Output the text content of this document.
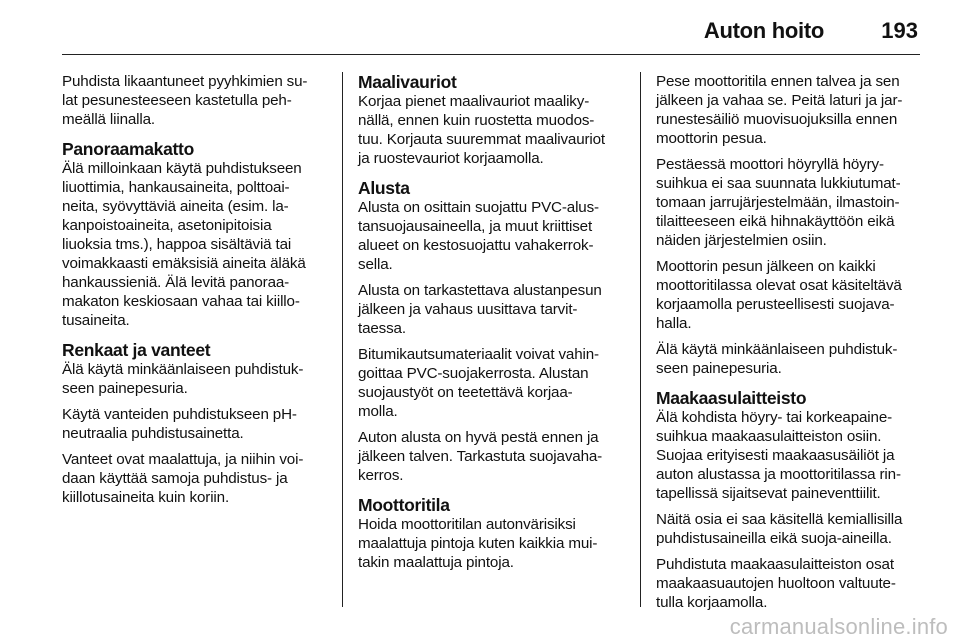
Auton hoito	193

Puhdista likaantuneet pyyhkimien su-
lat pesunesteeseen kastetulla peh-
meällä liinalla.

Panoraamakatto

Älä milloinkaan käytä puhdistukseen
liuottimia, hankausaineita, polttoai-
neita, syövyttäviä aineita (esim. la-
kanpoistoaineita, asetonipitoisia
liuoksia tms.), happoa sisältäviä tai
voimakkaasti emäksisiä aineita äläkä
hankaussieniä. Älä levitä panoraa-
makaton keskiosaan vahaa tai kiillo-
tusaineita.

Renkaat ja vanteet

Älä käytä minkäänlaiseen puhdistuk-
seen painepesuria.

Käytä vanteiden puhdistukseen pH-
neutraalia puhdistusainetta.

Vanteet ovat maalattuja, ja niihin voi-
daan käyttää samoja puhdistus- ja
kiillotusaineita kuin koriin.

Maalivauriot

Korjaa pienet maalivauriot maaliky-
nällä, ennen kuin ruostetta muodos-
tuu. Korjauta suuremmat maalivauriot
ja ruostevauriot korjaamolla.

Alusta

Alusta on osittain suojattu PVC-alus-
tansuojausaineella, ja muut kriittiset
alueet on kestosuojattu vahakerrok-
sella.

Alusta on tarkastettava alustanpesun
jälkeen ja vahaus uusittava tarvit-
taessa.

Bitumikautsumateriaalit voivat vahin-
goittaa PVC-suojakerrosta. Alustan
suojaustyöt on teetettävä korjaa-
molla.

Auton alusta on hyvä pestä ennen ja
jälkeen talven. Tarkastuta suojavaha-
kerros.

Moottoritila

Hoida moottoritilan autonvärisiksi
maalattuja pintoja kuten kaikkia mui-
takin maalattuja pintoja.

Pese moottoritila ennen talvea ja sen
jälkeen ja vahaa se. Peitä laturi ja jar-
runestesäiliö muovisuojuksilla ennen
moottorin pesua.

Pestäessä moottori höyryllä höyry-
suihkua ei saa suunnata lukkiutumat-
tomaan jarrujärjestelmään, ilmastoin-
tilaitteeseen eikä hihnakäyttöön eikä
näiden järjestelmien osiin.

Moottorin pesun jälkeen on kaikki
moottoritilassa olevat osat käsiteltävä
korjaamolla perusteellisesti suojava-
halla.

Älä käytä minkäänlaiseen puhdistuk-
seen painepesuria.

Maakaasulaitteisto

Älä kohdista höyry- tai korkeapaine-
suihkua maakaasulaitteiston osiin.
Suojaa erityisesti maakaasusäiliöt ja
auton alustassa ja moottoritilassa rin-
tapellissä sijaitsevat paineventtiilit.

Näitä osia ei saa käsitellä kemiallisilla
puhdistusaineilla eikä suoja-aineilla.

Puhdistuta maakaasulaitteiston osat
maakaasuautojen huoltoon valtuute-
tulla korjaamolla.

carmanualsonline.info
